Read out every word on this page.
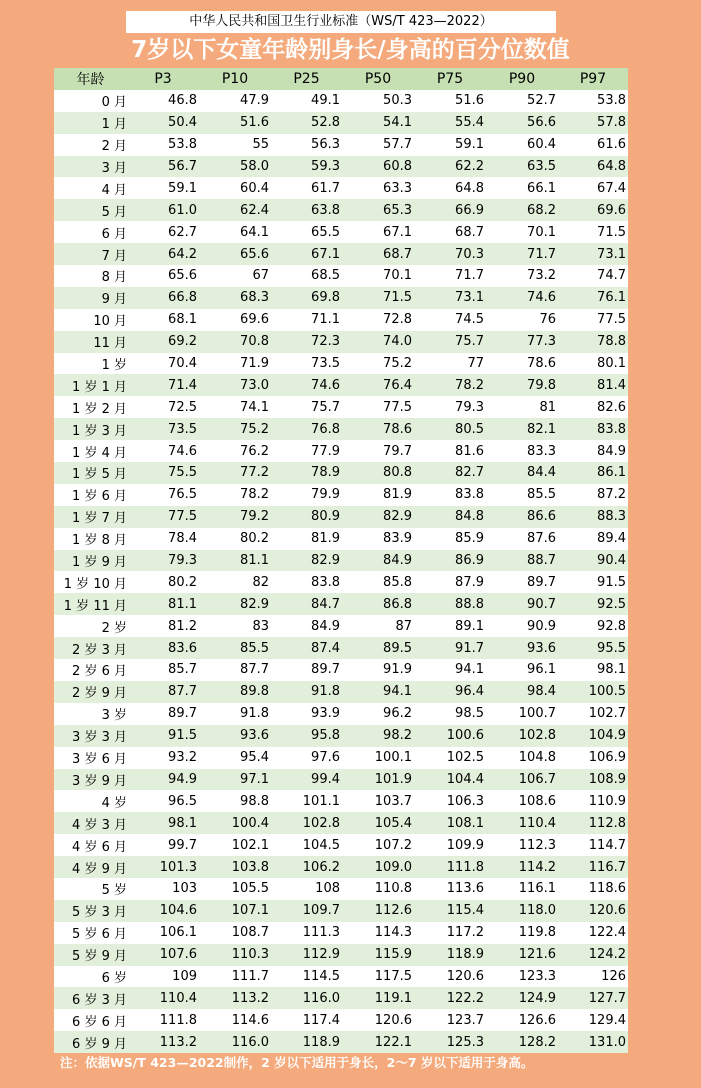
中华人民共和国卫生行业标准（WS/T 423—2022）
7岁以下女童年龄别身长/身高的百分位数值
年龄	P3	P10	P25	P50	P75	P90	P97
0 月	46.8	47.9	49.1	50.3	51.6	52.7	53.8
1 月	50.4	51.6	52.8	54.1	55.4	56.6	57.8
2 月	53.8	55	56.3	57.7	59.1	60.4	61.6
3 月	56.7	58.0	59.3	60.8	62.2	63.5	64.8
4 月	59.1	60.4	61.7	63.3	64.8	66.1	67.4
5 月	61.0	62.4	63.8	65.3	66.9	68.2	69.6
6 月	62.7	64.1	65.5	67.1	68.7	70.1	71.5
7 月	64.2	65.6	67.1	68.7	70.3	71.7	73.1
8 月	65.6	67	68.5	70.1	71.7	73.2	74.7
9 月	66.8	68.3	69.8	71.5	73.1	74.6	76.1
10 月	68.1	69.6	71.1	72.8	74.5	76	77.5
11 月	69.2	70.8	72.3	74.0	75.7	77.3	78.8
1 岁	70.4	71.9	73.5	75.2	77	78.6	80.1
1 岁 1 月	71.4	73.0	74.6	76.4	78.2	79.8	81.4
1 岁 2 月	72.5	74.1	75.7	77.5	79.3	81	82.6
1 岁 3 月	73.5	75.2	76.8	78.6	80.5	82.1	83.8
1 岁 4 月	74.6	76.2	77.9	79.7	81.6	83.3	84.9
1 岁 5 月	75.5	77.2	78.9	80.8	82.7	84.4	86.1
1 岁 6 月	76.5	78.2	79.9	81.9	83.8	85.5	87.2
1 岁 7 月	77.5	79.2	80.9	82.9	84.8	86.6	88.3
1 岁 8 月	78.4	80.2	81.9	83.9	85.9	87.6	89.4
1 岁 9 月	79.3	81.1	82.9	84.9	86.9	88.7	90.4
1 岁 10 月	80.2	82	83.8	85.8	87.9	89.7	91.5
1 岁 11 月	81.1	82.9	84.7	86.8	88.8	90.7	92.5
2 岁	81.2	83	84.9	87	89.1	90.9	92.8
2 岁 3 月	83.6	85.5	87.4	89.5	91.7	93.6	95.5
2 岁 6 月	85.7	87.7	89.7	91.9	94.1	96.1	98.1
2 岁 9 月	87.7	89.8	91.8	94.1	96.4	98.4	100.5
3 岁	89.7	91.8	93.9	96.2	98.5	100.7	102.7
3 岁 3 月	91.5	93.6	95.8	98.2	100.6	102.8	104.9
3 岁 6 月	93.2	95.4	97.6	100.1	102.5	104.8	106.9
3 岁 9 月	94.9	97.1	99.4	101.9	104.4	106.7	108.9
4 岁	96.5	98.8	101.1	103.7	106.3	108.6	110.9
4 岁 3 月	98.1	100.4	102.8	105.4	108.1	110.4	112.8
4 岁 6 月	99.7	102.1	104.5	107.2	109.9	112.3	114.7
4 岁 9 月	101.3	103.8	106.2	109.0	111.8	114.2	116.7
5 岁	103	105.5	108	110.8	113.6	116.1	118.6
5 岁 3 月	104.6	107.1	109.7	112.6	115.4	118.0	120.6
5 岁 6 月	106.1	108.7	111.3	114.3	117.2	119.8	122.4
5 岁 9 月	107.6	110.3	112.9	115.9	118.9	121.6	124.2
6 岁	109	111.7	114.5	117.5	120.6	123.3	126
6 岁 3 月	110.4	113.2	116.0	119.1	122.2	124.9	127.7
6 岁 6 月	111.8	114.6	117.4	120.6	123.7	126.6	129.4
6 岁 9 月	113.2	116.0	118.9	122.1	125.3	128.2	131.0
注：依据WS/T 423—2022制作，2 岁以下适用于身长，2～7 岁以下适用于身高。
